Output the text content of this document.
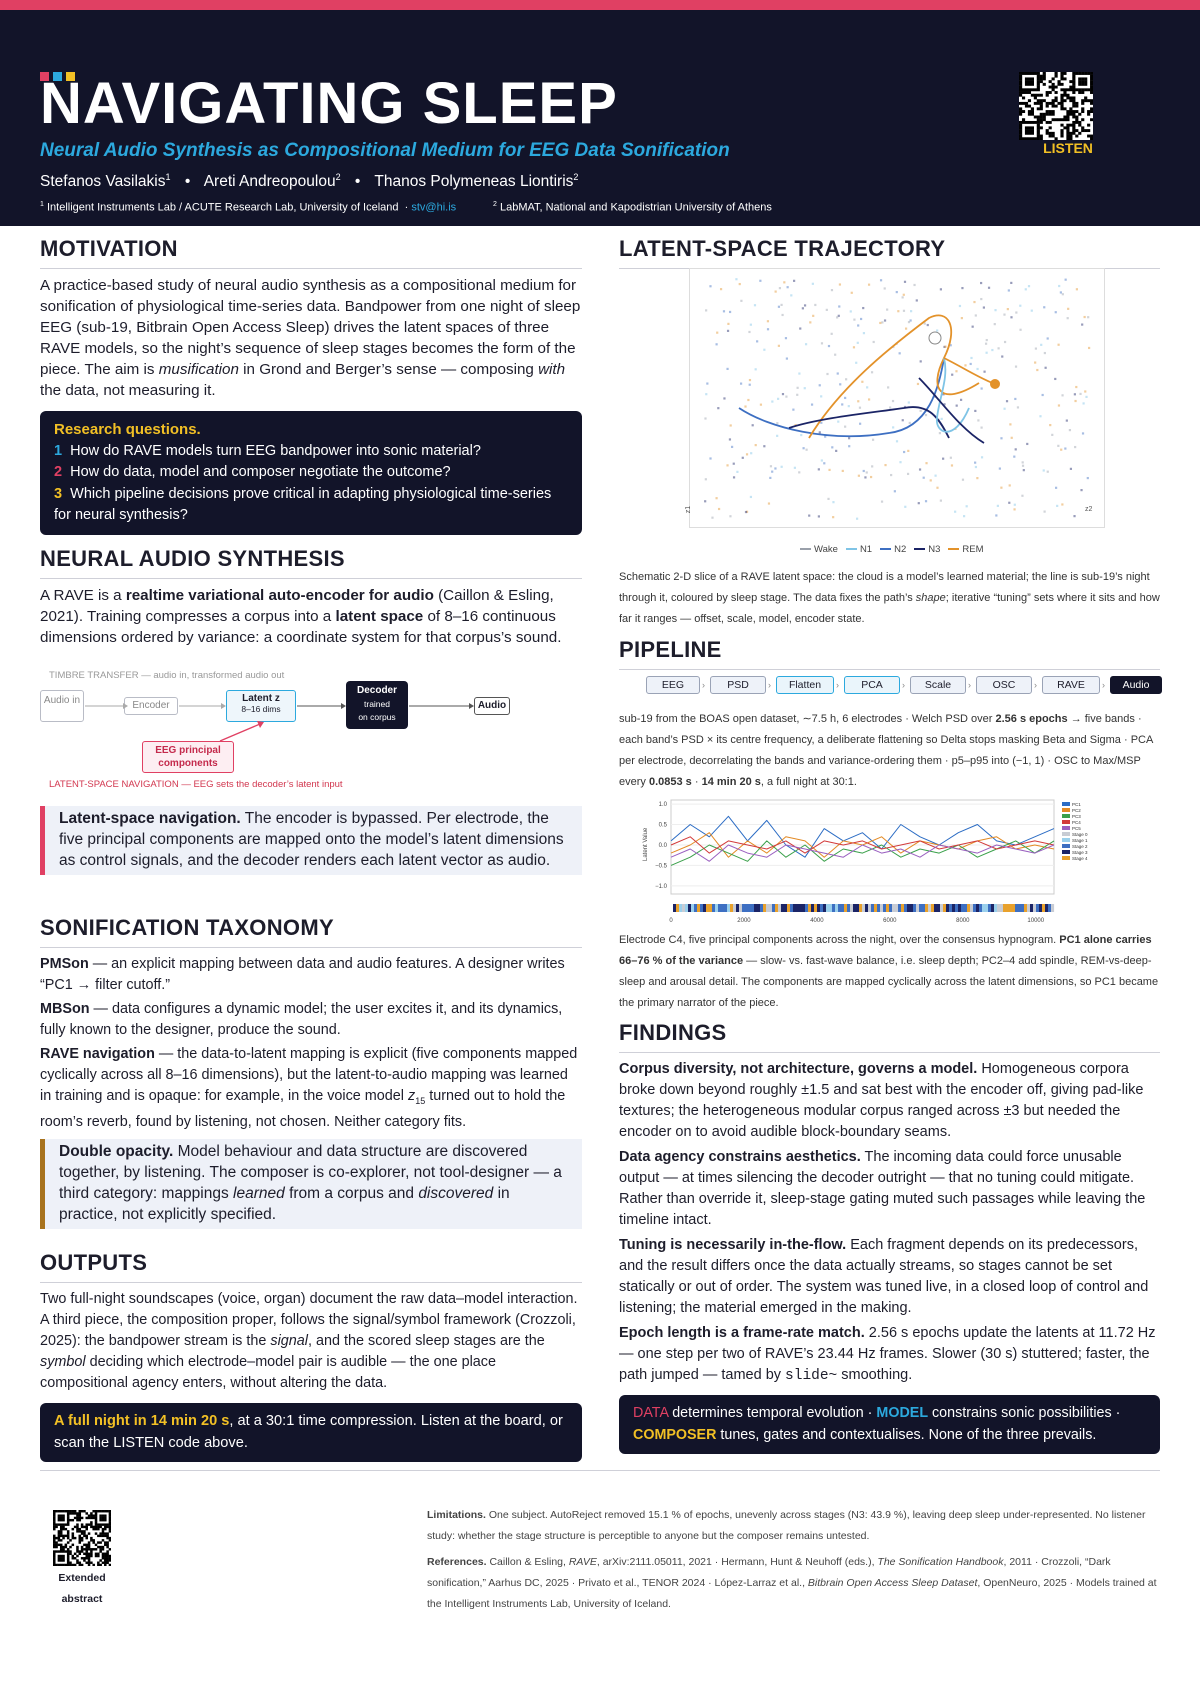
NAVIGATING SLEEP
Neural Audio Synthesis as Compositional Medium for EEG Data Sonification
Stefanos Vasilakis$^1$ • Areti Andreopoulou$^2$ • Thanos Polymeneas Liontiris$^2$
$^1$ Intelligent Instruments Lab / ACUTE Research Lab, University of Iceland  · stv@hi.is	$^2$ LabMAT, National and Kapodistrian University of Athens
LISTEN
MOTIVATION
A practice-based study of neural audio synthesis as a compositional medium for sonification of physiological time-series data. Bandpower from one night of sleep EEG (sub-19, Bitbrain Open Access Sleep) drives the latent spaces of three RAVE models, so the night’s sequence of sleep stages becomes the form of the piece. The aim is musification in Grond and Berger’s sense — composing with the data, not measuring it.
Research questions.
1 How do RAVE models turn EEG bandpower into sonic material?
2 How do data, model and composer negotiate the outcome?
3 Which pipeline decisions prove critical in adapting physiological time-series for neural synthesis?
NEURAL AUDIO SYNTHESIS
A RAVE is a realtime variational auto-encoder for audio (Caillon & Esling, 2021). Training compresses a corpus into a latent space of 8–16 continuous dimensions ordered by variance: a coordinate system for that corpus’s sound.
TIMBRE TRANSFER — audio in, transformed audio out
Audio in	Encoder
Latent z
8–16 dims
Decoder
trained
on corpus
Audio
EEG principal components
LATENT-SPACE NAVIGATION — EEG sets the decoder’s latent input
Latent-space navigation. The encoder is bypassed. Per electrode, the five principal components are mapped onto the model’s latent dimensions as control signals, and the decoder renders each latent vector as audio.
SONIFICATION TAXONOMY
PMSon — an explicit mapping between data and audio features. A designer writes “PC1 → filter cutoff.”
MBSon — data configures a dynamic model; the user excites it, and its dynamics, fully known to the designer, produce the sound.
RAVE navigation — the data-to-latent mapping is explicit (five components mapped cyclically across all 8–16 dimensions), but the latent-to-audio mapping was learned in training and is opaque: for example, in the voice model $z_{15}$ turned out to hold the room’s reverb, found by listening, not chosen. Neither category fits.
Double opacity. Model behaviour and data structure are discovered together, by listening. The composer is co-explorer, not tool-designer — a third category: mappings learned from a corpus and discovered in practice, not explicitly specified.
OUTPUTS
Two full-night soundscapes (voice, organ) document the raw data–model interaction. A third piece, the composition proper, follows the signal/symbol framework (Crozzoli, 2025): the bandpower stream is the signal, and the scored sleep stages are the symbol deciding which electrode–model pair is audible — the one place compositional agency enters, without altering the data.
A full night in 14 min 20 s, at a 30:1 time compression. Listen at the board, or scan the LISTEN code above.
LATENT-SPACE TRAJECTORY
z1	z2
Wake N1 N2 N3 REM
Schematic 2-D slice of a RAVE latent space: the cloud is a model’s learned material; the line is sub-19’s night through it, coloured by sleep stage. The data fixes the path’s shape; iterative “tuning” sets where it sits and how far it ranges — offset, scale, model, encoder state.
PIPELINE
EEG	›	PSD	›	Flatten	›	PCA	›	Scale	›	OSC	›	RAVE	›	Audio
sub-19 from the BOAS open dataset, ∼7.5 h, 6 electrodes · Welch PSD over 2.56 s epochs → five bands · each band’s PSD × its centre frequency, a deliberate flattening so Delta stops masking Beta and Sigma · PCA per electrode, decorrelating the bands and variance-ordering them · p5–p95 into (−1, 1) · OSC to Max/MSP every 0.0853 s · 14 min 20 s, a full night at 30:1.
−1.0
−0.5
0.0
0.5
1.0
0	2000	4000	6000	8000	10000
Latent Value
PC1
PC2
PC3
PC4
PC5
Stage 0
Stage 1
Stage 2
Stage 3
Stage 4
Electrode C4, five principal components across the night, over the consensus hypnogram. PC1 alone carries 66–76 % of the variance — slow- vs. fast-wave balance, i.e. sleep depth; PC2–4 add spindle, REM-vs-deep-sleep and arousal detail. The components are mapped cyclically across the latent dimensions, so PC1 became the primary narrator of the piece.
FINDINGS
Corpus diversity, not architecture, governs a model. Homogeneous corpora broke down beyond roughly ±1.5 and sat best with the encoder off, giving pad-like textures; the heterogeneous modular corpus ranged across ±3 but needed the encoder on to avoid audible block-boundary seams.
Data agency constrains aesthetics. The incoming data could force unusable output — at times silencing the decoder outright — that no tuning could mitigate. Rather than override it, sleep-stage gating muted such passages while leaving the timeline intact.
Tuning is necessarily in-the-flow. Each fragment depends on its predecessors, and the result differs once the data actually streams, so stages cannot be set statically or out of order. The system was tuned live, in a closed loop of control and listening; the material emerged in the making.
Epoch length is a frame-rate match. 2.56 s epochs update the latents at 11.72 Hz — one step per two of RAVE’s 23.44 Hz frames. Slower (30 s) stuttered; faster, the path jumped — tamed by slide~ smoothing.
DATA determines temporal evolution · MODEL constrains sonic possibilities · COMPOSER tunes, gates and contextualises. None of the three prevails.
Extended
abstract
Limitations. One subject. AutoReject removed 15.1 % of epochs, unevenly across stages (N3: 43.9 %), leaving deep sleep under-represented. No listener study: whether the stage structure is perceptible to anyone but the composer remains untested.
References. Caillon & Esling, RAVE, arXiv:2111.05011, 2021 · Hermann, Hunt & Neuhoff (eds.), The Sonification Handbook, 2011 · Crozzoli, “Dark sonification,” Aarhus DC, 2025 · Privato et al., TENOR 2024 · López-Larraz et al., Bitbrain Open Access Sleep Dataset, OpenNeuro, 2025 · Models trained at the Intelligent Instruments Lab, University of Iceland.
